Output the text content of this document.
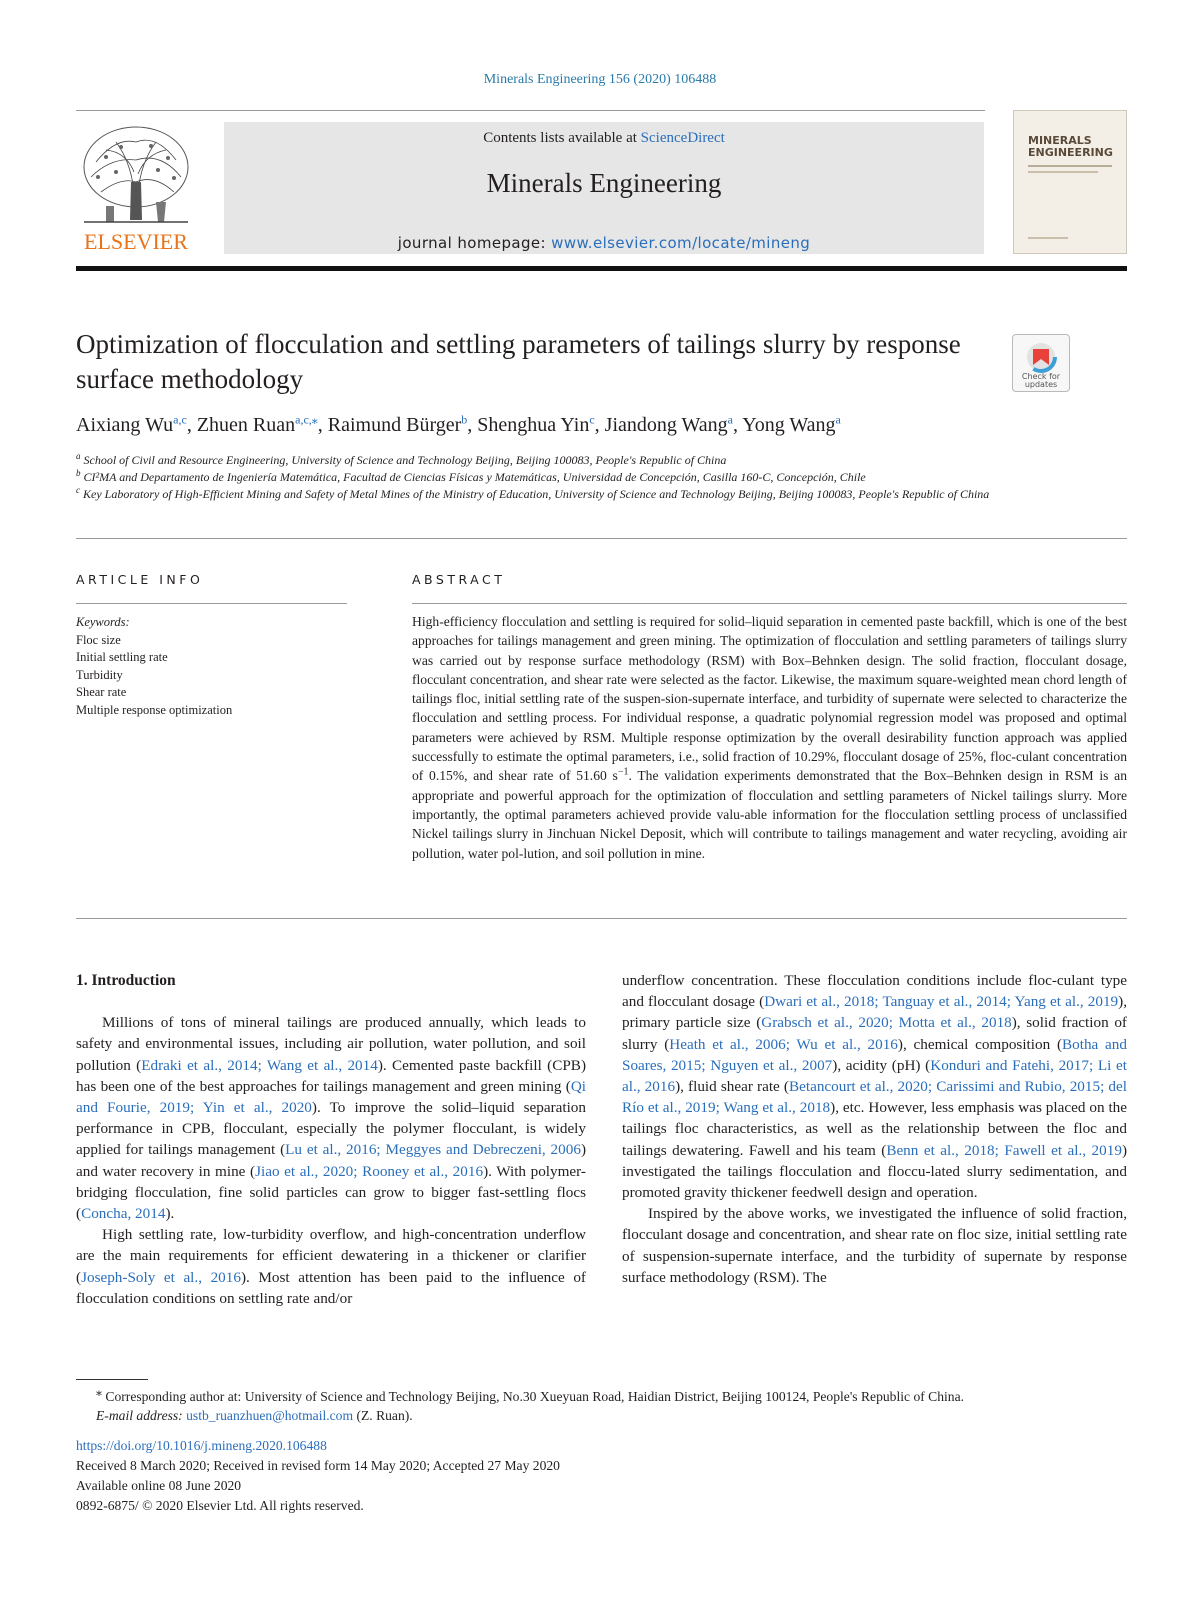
Minerals Engineering 156 (2020) 106488
ELSEVIER
Contents lists available at ScienceDirect
Minerals Engineering
journal homepage: www.elsevier.com/locate/mineng
MINERALS
ENGINEERING
Optimization of flocculation and settling parameters of tailings slurry by response surface methodology	Check for
updates
Aixiang Wu$^{a,c}$, Zhuen Ruan$^{a,c,⁎}$, Raimund Bürger$^b$, Shenghua Yin$^c$, Jiandong Wang$^a$, Yong Wang$^a$
$^a$ School of Civil and Resource Engineering, University of Science and Technology Beijing, Beijing 100083, People's Republic of China
$^b$ CI²MA and Departamento de Ingeniería Matemática, Facultad de Ciencias Físicas y Matemáticas, Universidad de Concepción, Casilla 160-C, Concepción, Chile
$^c$ Key Laboratory of High-Efficient Mining and Safety of Metal Mines of the Ministry of Education, University of Science and Technology Beijing, Beijing 100083, People's Republic of China
ARTICLE INFO	ABSTRACT
Keywords:
Floc size
Initial settling rate
Turbidity
Shear rate
Multiple response optimization
High-efficiency flocculation and settling is required for solid–liquid separation in cemented paste backfill, which is one of the best approaches for tailings management and green mining. The optimization of flocculation and settling parameters of tailings slurry was carried out by response surface methodology (RSM) with Box–Behnken design. The solid fraction, flocculant dosage, flocculant concentration, and shear rate were selected as the factor. Likewise, the maximum square-weighted mean chord length of tailings floc, initial settling rate of the suspen-sion-supernate interface, and turbidity of supernate were selected to characterize the flocculation and settling process. For individual response, a quadratic polynomial regression model was proposed and optimal parameters were achieved by RSM. Multiple response optimization by the overall desirability function approach was applied successfully to estimate the optimal parameters, i.e., solid fraction of 10.29%, flocculant dosage of 25%, floc-culant concentration of 0.15%, and shear rate of 51.60 $s^{-1}$. The validation experiments demonstrated that the Box–Behnken design in RSM is an appropriate and powerful approach for the optimization of flocculation and settling parameters of Nickel tailings slurry. More importantly, the optimal parameters achieved provide valu-able information for the flocculation settling process of unclassified Nickel tailings slurry in Jinchuan Nickel Deposit, which will contribute to tailings management and water recycling, avoiding air pollution, water pol-lution, and soil pollution in mine.
1. Introduction

Millions of tons of mineral tailings are produced annually, which leads to safety and environmental issues, including air pollution, water pollution, and soil pollution (Edraki et al., 2014; Wang et al., 2014). Cemented paste backfill (CPB) has been one of the best approaches for tailings management and green mining (Qi and Fourie, 2019; Yin et al., 2020). To improve the solid–liquid separation performance in CPB, flocculant, especially the polymer flocculant, is widely applied for tailings management (Lu et al., 2016; Meggyes and Debreczeni, 2006) and water recovery in mine (Jiao et al., 2020; Rooney et al., 2016). With polymer-bridging flocculation, fine solid particles can grow to bigger fast-settling flocs (Concha, 2014).

High settling rate, low-turbidity overflow, and high-concentration underflow are the main requirements for efficient dewatering in a thickener or clarifier (Joseph-Soly et al., 2016). Most attention has been paid to the influence of flocculation conditions on settling rate and/or

underflow concentration. These flocculation conditions include floc-culant type and flocculant dosage (Dwari et al., 2018; Tanguay et al., 2014; Yang et al., 2019), primary particle size (Grabsch et al., 2020; Motta et al., 2018), solid fraction of slurry (Heath et al., 2006; Wu et al., 2016), chemical composition (Botha and Soares, 2015; Nguyen et al., 2007), acidity (pH) (Konduri and Fatehi, 2017; Li et al., 2016), fluid shear rate (Betancourt et al., 2020; Carissimi and Rubio, 2015; del Río et al., 2019; Wang et al., 2018), etc. However, less emphasis was placed on the tailings floc characteristics, as well as the relationship between the floc and tailings dewatering. Fawell and his team (Benn et al., 2018; Fawell et al., 2019) investigated the tailings flocculation and floccu-lated slurry sedimentation, and promoted gravity thickener feedwell design and operation.

Inspired by the above works, we investigated the influence of solid fraction, flocculant dosage and concentration, and shear rate on floc size, initial settling rate of suspension-supernate interface, and the turbidity of supernate by response surface methodology (RSM). The

⁎ Corresponding author at: University of Science and Technology Beijing, No.30 Xueyuan Road, Haidian District, Beijing 100124, People's Republic of China.
E-mail address: ustb_ruanzhuen@hotmail.com (Z. Ruan).
https://doi.org/10.1016/j.mineng.2020.106488
Received 8 March 2020; Received in revised form 14 May 2020; Accepted 27 May 2020
Available online 08 June 2020
0892-6875/ © 2020 Elsevier Ltd. All rights reserved.
